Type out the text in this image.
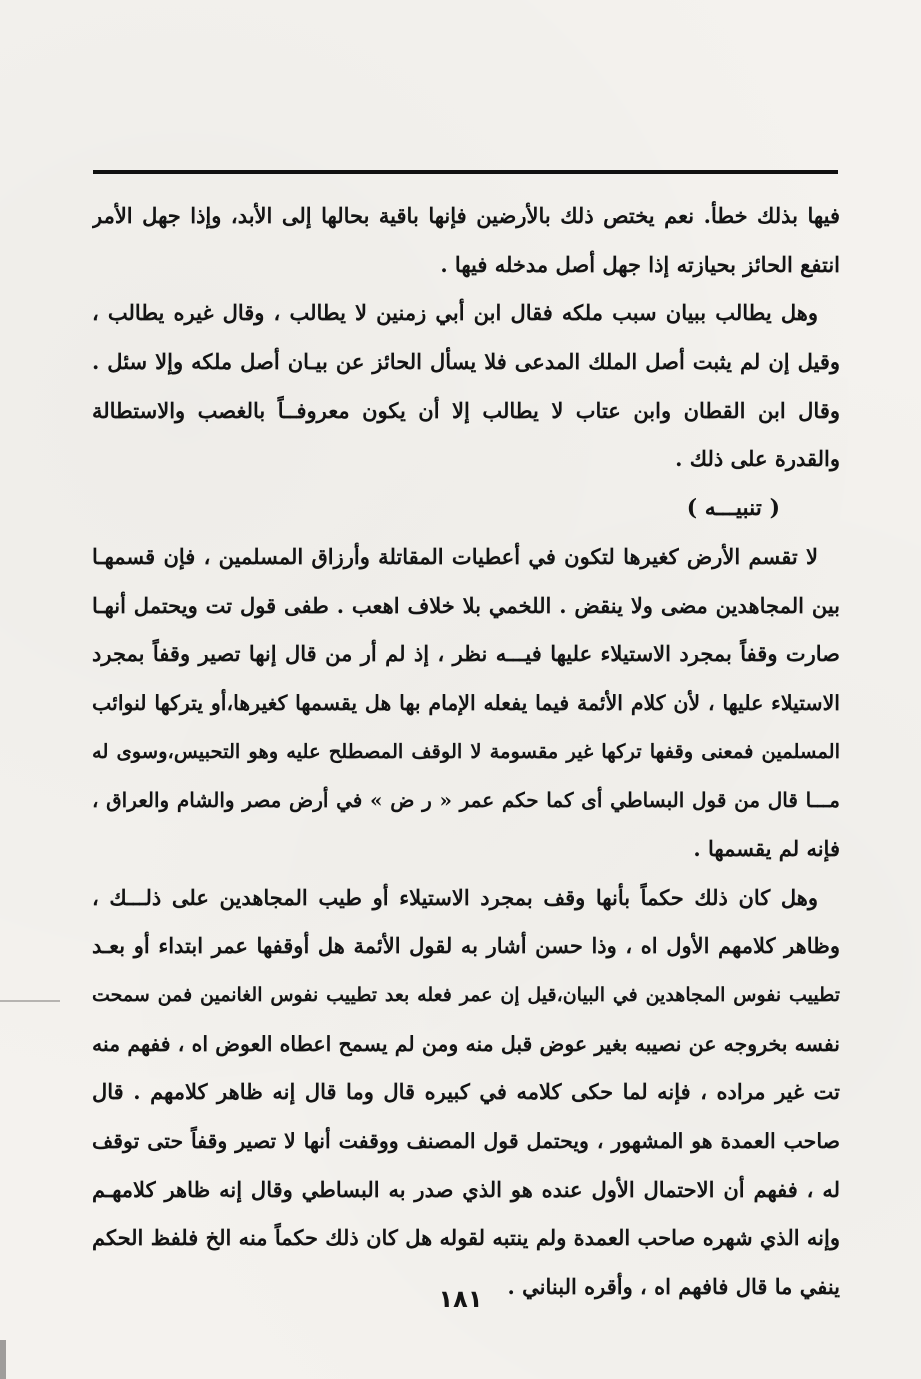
فيها بذلك خطأ. نعم يختص ذلك بالأرضين فإنها باقية بحالها إلى الأبد، وإذا جهل الأمر
انتفع الحائز بحيازته إذا جهل أصل مدخله فيها .
وهل يطالب ببيان سبب ملكه فقال ابن أبي زمنين لا يطالب ، وقال غيره يطالب ،
وقيل إن لم يثبت أصل الملك المدعى فلا يسأل الحائز عن بيـان أصل ملكه وإلا سئل .
وقال ابن القطان وابن عتاب لا يطالب إلا أن يكون معروفــاً بالغصب والاستطالة
والقدرة على ذلك .
( تنبيـــه )
لا تقسم الأرض كغيرها لتكون في أعطيات المقاتلة وأرزاق المسلمين ، فإن قسمهـا
بين المجاهدين مضى ولا ينقض . اللخمي بلا خلاف اهعب . طفى قول تت ويحتمل أنهـا
صارت وقفاً بمجرد الاستيلاء عليها فيـــه نظر ، إذ لم أر من قال إنها تصير وقفاً بمجرد
الاستيلاء عليها ، لأن كلام الأئمة فيما يفعله الإمام بها هل يقسمها كغيرها،أو يتركها لنوائب
المسلمين فمعنى وقفها تركها غير مقسومة لا الوقف المصطلح عليه وهو التحبيس،وسوى له
مـــا قال من قول البساطي أى كما حكم عمر « ر ض » في أرض مصر والشام والعراق ،
فإنه لم يقسمها .
وهل كان ذلك حكماً بأنها وقف بمجرد الاستيلاء أو طيب المجاهدين على ذلـــك ،
وظاهر كلامهم الأول اه ، وذا حسن أشار به لقول الأئمة هل أوقفها عمر ابتداء أو بعـد
تطييب نفوس المجاهدين في البيان،قيل إن عمر فعله بعد تطييب نفوس الغانمين فمن سمحت
نفسه بخروجه عن نصيبه بغير عوض قبل منه ومن لم يسمح اعطاه العوض اه ، ففهم منه
تت غير مراده ، فإنه لما حكى كلامه في كبيره قال وما قال إنه ظاهر كلامهم . قال
صاحب العمدة هو المشهور ، ويحتمل قول المصنف ووقفت أنها لا تصير وقفاً حتى توقف
له ، ففهم أن الاحتمال الأول عنده هو الذي صدر به البساطي وقال إنه ظاهر كلامهـم
وإنه الذي شهره صاحب العمدة ولم ينتبه لقوله هل كان ذلك حكماً منه الخ فلفظ الحكم
ينفي ما قال فافهم اه ، وأقره البناني .
١٨١
